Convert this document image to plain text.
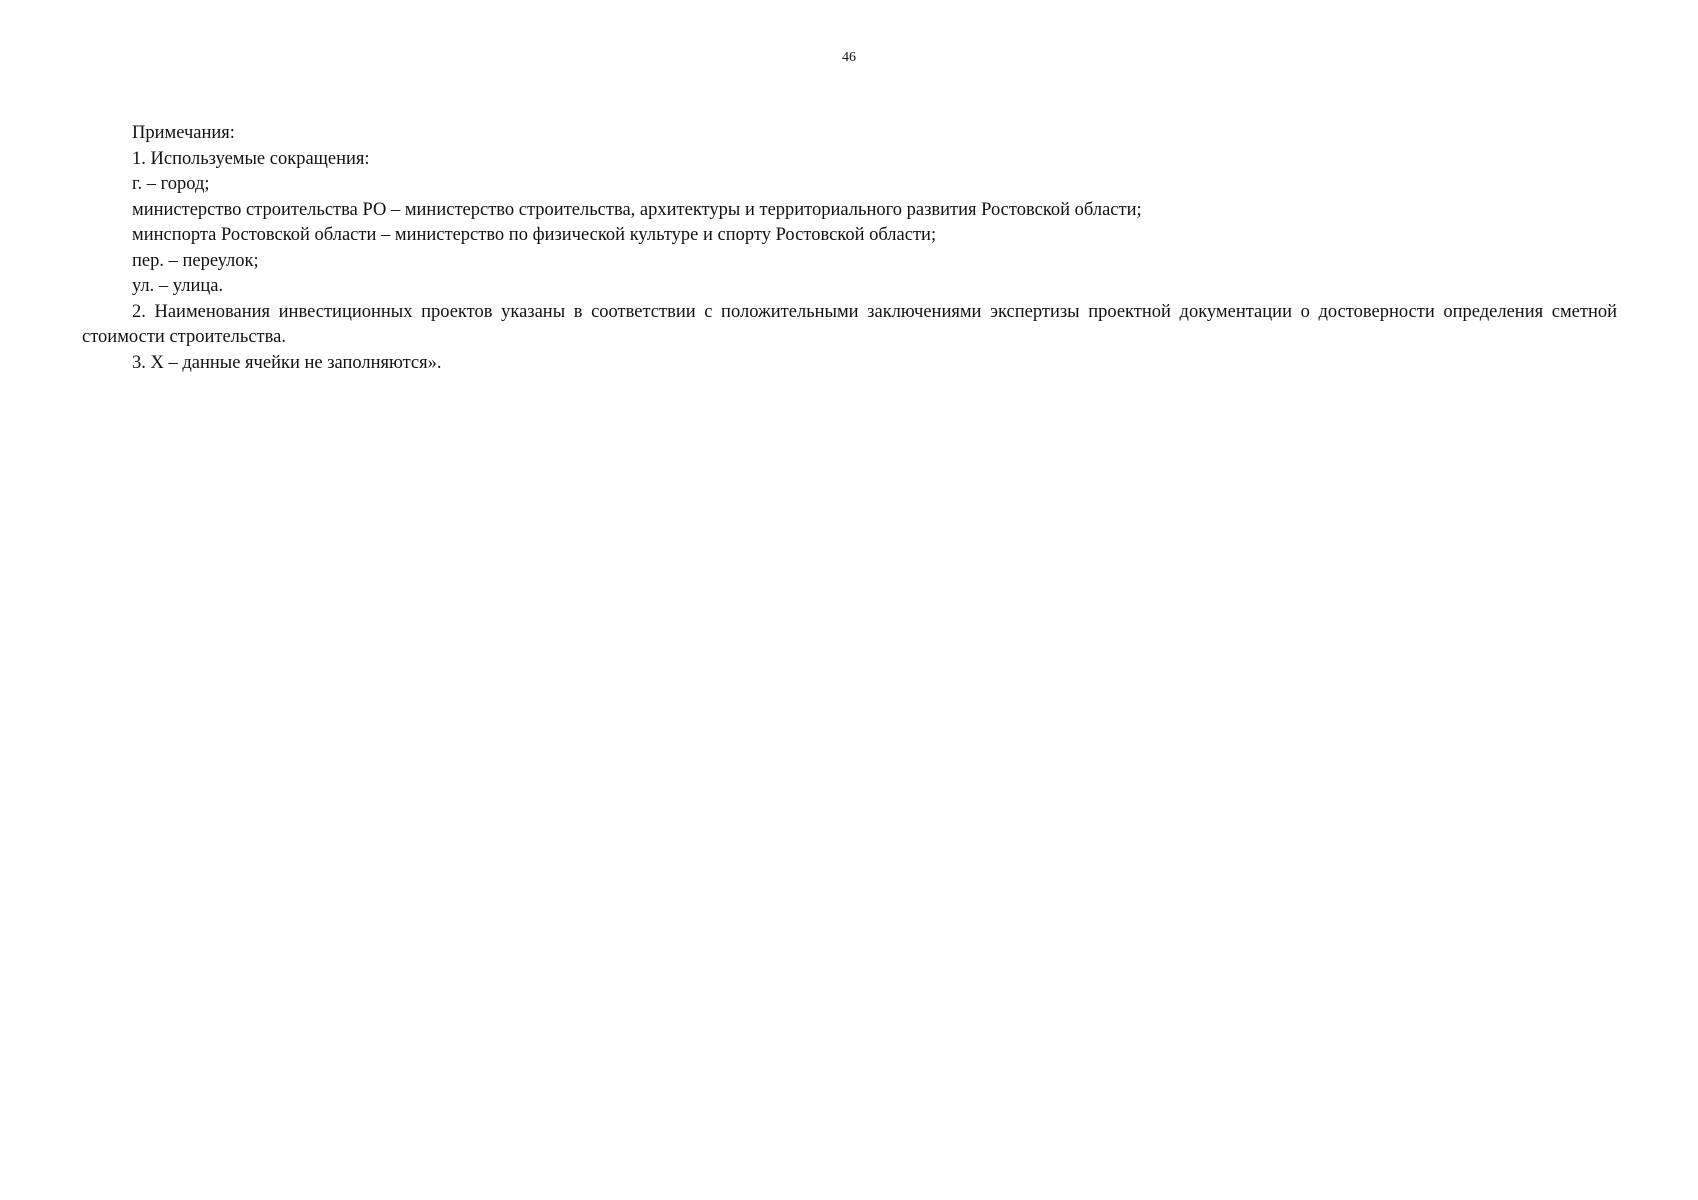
46

Примечания:

1. Используемые сокращения:

г. – город;

министерство строительства РО – министерство строительства, архитектуры и территориального развития Ростовской области;

минспорта Ростовской области – министерство по физической культуре и спорту Ростовской области;

пер. – переулок;

ул. – улица.

2. Наименования инвестиционных проектов указаны в соответствии с положительными заключениями экспертизы проектной документации о достоверности определения сметной стоимости строительства.

3. X – данные ячейки не заполняются».
